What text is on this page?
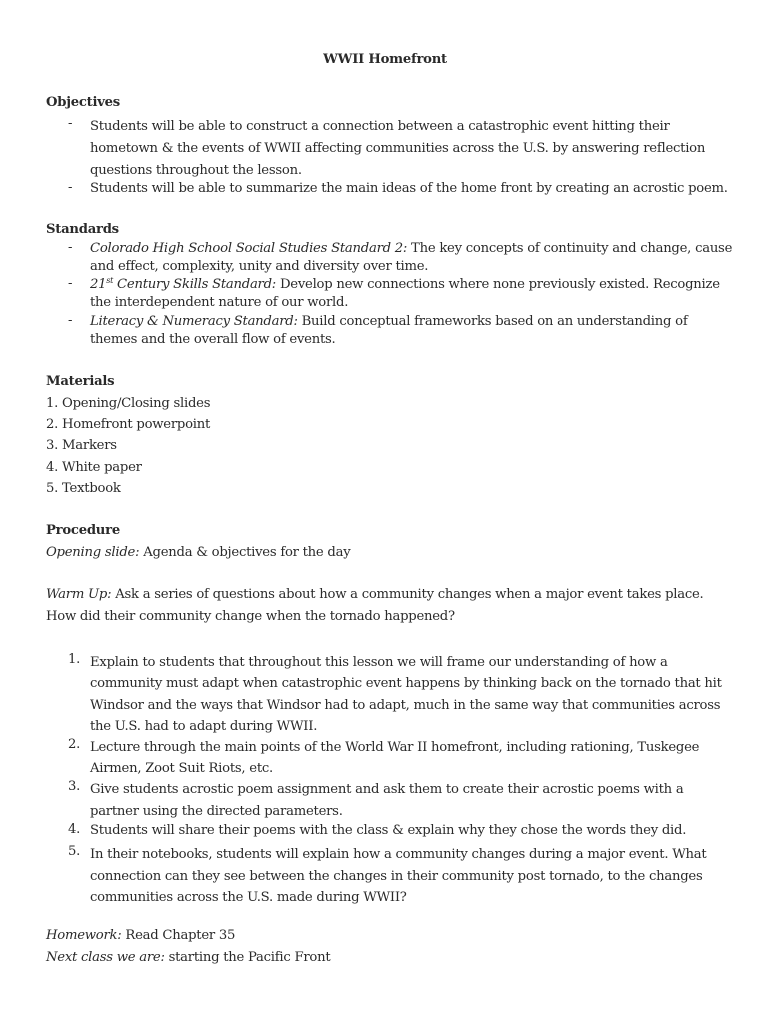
WWII Homefront
Objectives
- Students will be able to construct a connection between a catastrophic event hitting their
hometown & the events of WWII affecting communities across the U.S. by answering reflection
questions throughout the lesson.
- Students will be able to summarize the main ideas of the home front by creating an acrostic poem.
Standards
- Colorado High School Social Studies Standard 2: The key concepts of continuity and change, cause
and effect, complexity, unity and diversity over time.
- 21st Century Skills Standard: Develop new connections where none previously existed. Recognize
the interdependent nature of our world.
- Literacy & Numeracy Standard: Build conceptual frameworks based on an understanding of
themes and the overall flow of events.
Materials
1. Opening/Closing slides
2. Homefront powerpoint
3. Markers
4. White paper
5. Textbook
Procedure
Opening slide: Agenda & objectives for the day
Warm Up: Ask a series of questions about how a community changes when a major event takes place.
How did their community change when the tornado happened?
1. Explain to students that throughout this lesson we will frame our understanding of how a
community must adapt when catastrophic event happens by thinking back on the tornado that hit
Windsor and the ways that Windsor had to adapt, much in the same way that communities across
the U.S. had to adapt during WWII.
2. Lecture through the main points of the World War II homefront, including rationing, Tuskegee
Airmen, Zoot Suit Riots, etc.
3. Give students acrostic poem assignment and ask them to create their acrostic poems with a
partner using the directed parameters.
4. Students will share their poems with the class & explain why they chose the words they did.
5. In their notebooks, students will explain how a community changes during a major event. What
connection can they see between the changes in their community post tornado, to the changes
communities across the U.S. made during WWII?
Homework: Read Chapter 35
Next class we are: starting the Pacific Front
